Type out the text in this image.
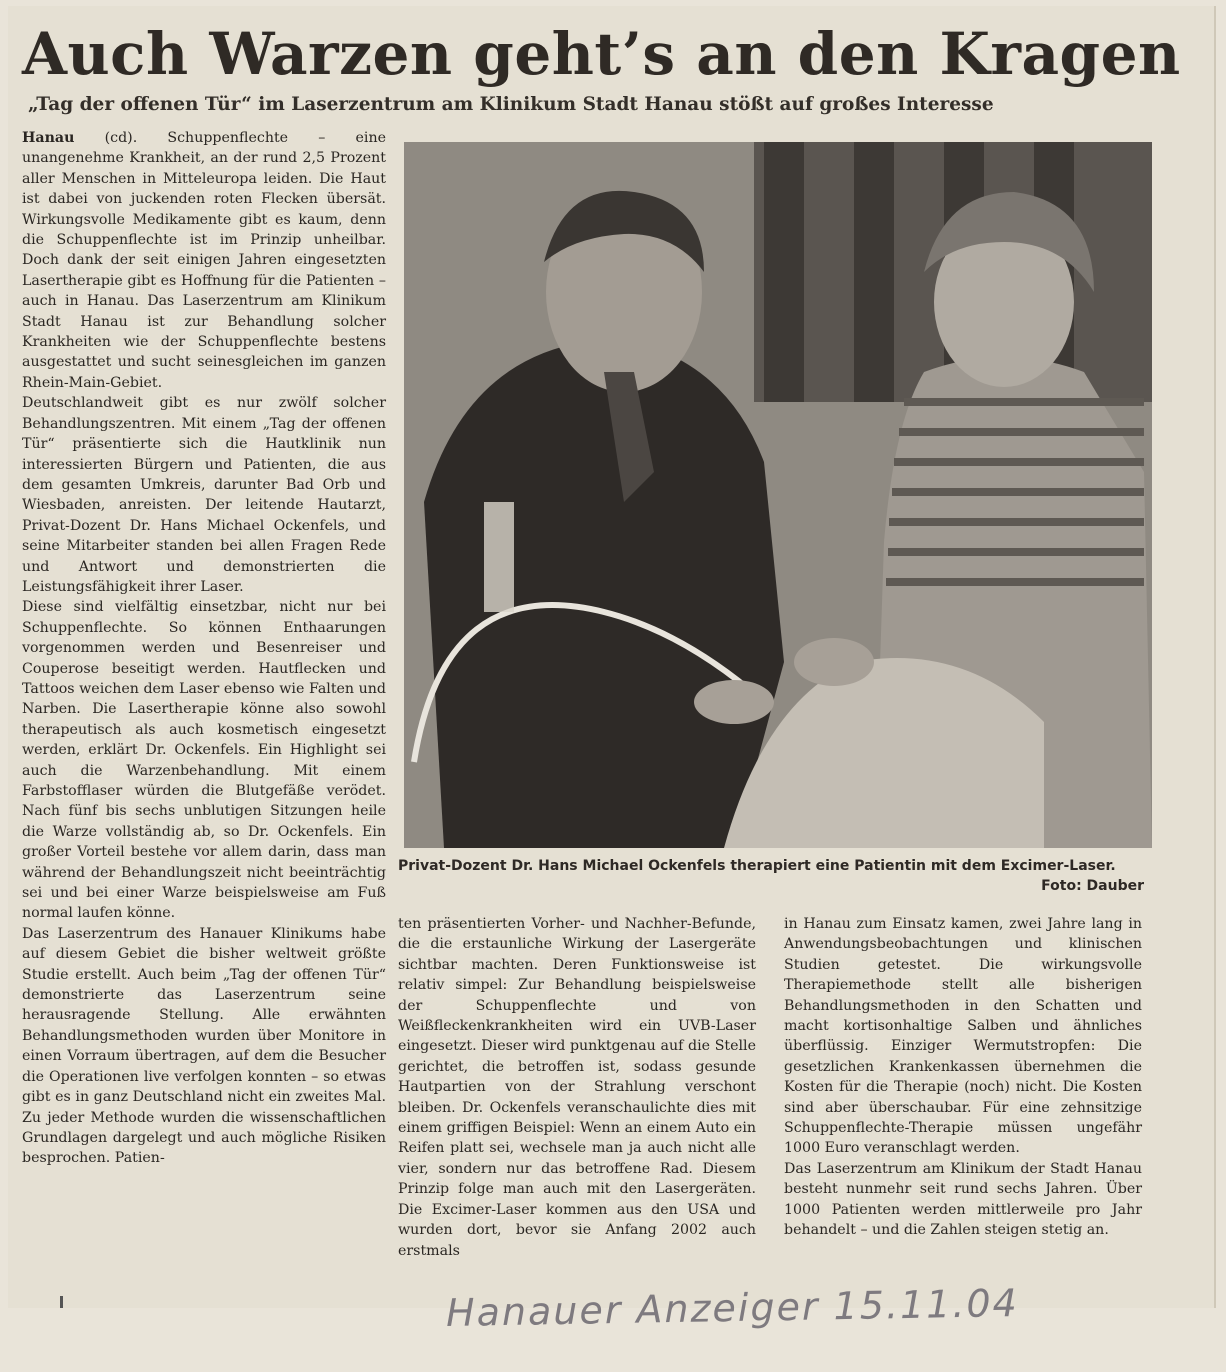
Auch Warzen geht’s an den Kragen
„Tag der offenen Tür“ im Laserzentrum am Klinikum Stadt Hanau stößt auf großes Interesse

Hanau (cd). Schuppenflechte – eine unangenehme Krankheit, an der rund 2,5 Prozent aller Menschen in Mitteleuropa leiden. Die Haut ist dabei von juckenden roten Flecken übersät. Wirkungsvolle Medikamente gibt es kaum, denn die Schuppenflechte ist im Prinzip unheilbar. Doch dank der seit einigen Jahren eingesetzten Lasertherapie gibt es Hoffnung für die Patienten – auch in Hanau. Das Laserzentrum am Klinikum Stadt Hanau ist zur Behandlung solcher Krankheiten wie der Schuppenflechte bestens ausgestattet und sucht seinesgleichen im ganzen Rhein-Main-Gebiet.

Deutschlandweit gibt es nur zwölf solcher Behandlungszentren. Mit einem „Tag der offenen Tür“ präsentierte sich die Hautklinik nun interessierten Bürgern und Patienten, die aus dem gesamten Umkreis, darunter Bad Orb und Wiesbaden, anreisten. Der leitende Hautarzt, Privat-Dozent Dr. Hans Michael Ockenfels, und seine Mitarbeiter standen bei allen Fragen Rede und Antwort und demonstrierten die Leistungsfähigkeit ihrer Laser.

Diese sind vielfältig einsetzbar, nicht nur bei Schuppenflechte. So können Enthaarungen vorgenommen werden und Besenreiser und Couperose beseitigt werden. Hautflecken und Tattoos weichen dem Laser ebenso wie Falten und Narben. Die Lasertherapie könne also sowohl therapeutisch als auch kosmetisch eingesetzt werden, erklärt Dr. Ockenfels. Ein Highlight sei auch die Warzenbehandlung. Mit einem Farbstofflaser würden die Blutgefäße verödet. Nach fünf bis sechs unblutigen Sitzungen heile die Warze vollständig ab, so Dr. Ockenfels. Ein großer Vorteil bestehe vor allem darin, dass man während der Behandlungszeit nicht beeinträchtig sei und bei einer Warze beispielsweise am Fuß normal laufen könne.

Das Laserzentrum des Hanauer Klinikums habe auf diesem Gebiet die bisher weltweit größte Studie erstellt. Auch beim „Tag der offenen Tür“ demonstrierte das Laserzentrum seine herausragende Stellung. Alle erwähnten Behandlungsmethoden wurden über Monitore in einen Vorraum übertragen, auf dem die Besucher die Operationen live verfolgen konnten – so etwas gibt es in ganz Deutschland nicht ein zweites Mal. Zu jeder Methode wurden die wissenschaftlichen Grundlagen dargelegt und auch mögliche Risiken besprochen. Patien-

Privat-Dozent Dr. Hans Michael Ockenfels therapiert eine Patientin mit dem Excimer-Laser.

Foto: Dauber

ten präsentierten Vorher- und Nachher-Befunde, die die erstaunliche Wirkung der Lasergeräte sichtbar machten. Deren Funktionsweise ist relativ simpel: Zur Behandlung beispielsweise der Schuppenflechte und von Weißfleckenkrankheiten wird ein UVB-Laser eingesetzt. Dieser wird punktgenau auf die Stelle gerichtet, die betroffen ist, sodass gesunde Hautpartien von der Strahlung verschont bleiben. Dr. Ockenfels veranschaulichte dies mit einem griffigen Beispiel: Wenn an einem Auto ein Reifen platt sei, wechsele man ja auch nicht alle vier, sondern nur das betroffene Rad. Diesem Prinzip folge man auch mit den Lasergeräten. Die Excimer-Laser kommen aus den USA und wurden dort, bevor sie Anfang 2002 auch erstmals

in Hanau zum Einsatz kamen, zwei Jahre lang in Anwendungsbeobachtungen und klinischen Studien getestet. Die wirkungsvolle Therapiemethode stellt alle bisherigen Behandlungsmethoden in den Schatten und macht kortisonhaltige Salben und ähnliches überflüssig. Einziger Wermutstropfen: Die gesetzlichen Krankenkassen übernehmen die Kosten für die Therapie (noch) nicht. Die Kosten sind aber überschaubar. Für eine zehnsitzige Schuppenflechte-Therapie müssen ungefähr 1000 Euro veranschlagt werden.

Das Laserzentrum am Klinikum der Stadt Hanau besteht nunmehr seit rund sechs Jahren. Über 1000 Patienten werden mittlerweile pro Jahr behandelt – und die Zahlen steigen stetig an.

Hanauer Anzeiger 15.11.04
